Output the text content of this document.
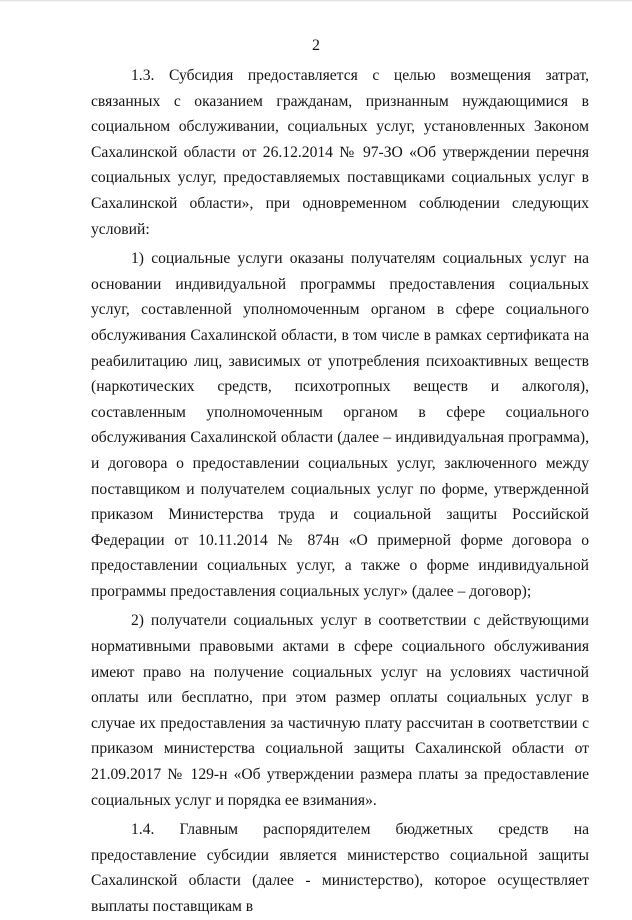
2

1.3. Субсидия предоставляется с целью возмещения затрат, связанных с оказанием гражданам, признанным нуждающимися в социальном обслуживании, социальных услуг, установленных Законом Сахалинской области от 26.12.2014 № 97-ЗО «Об утверждении перечня социальных услуг, предоставляемых поставщиками социальных услуг в Сахалинской области», при одновременном соблюдении следующих условий:

1) социальные услуги оказаны получателям социальных услуг на основании индивидуальной программы предоставления социальных услуг, составленной уполномоченным органом в сфере социального обслуживания Сахалинской области, в том числе в рамках сертификата на реабилитацию лиц, зависимых от употребления психоактивных веществ (наркотических средств, психотропных веществ и алкоголя), составленным уполномоченным органом в сфере социального обслуживания Сахалинской области (далее – индивидуальная программа), и договора о предоставлении социальных услуг, заключенного между поставщиком и получателем социальных услуг по форме, утвержденной приказом Министерства труда и социальной защиты Российской Федерации от 10.11.2014 № 874н «О примерной форме договора о предоставлении социальных услуг, а также о форме индивидуальной программы предоставления социальных услуг» (далее – договор);

2) получатели социальных услуг в соответствии с действующими нормативными правовыми актами в сфере социального обслуживания имеют право на получение социальных услуг на условиях частичной оплаты или бесплатно, при этом размер оплаты социальных услуг в случае их предоставления за частичную плату рассчитан в соответствии с приказом министерства социальной защиты Сахалинской области от 21.09.2017 № 129-н «Об утверждении размера платы за предоставление социальных услуг и порядка ее взимания».

1.4. Главным распорядителем бюджетных средств на предоставление субсидии является министерство социальной защиты Сахалинской области (далее - министерство), которое осуществляет выплаты поставщикам в
